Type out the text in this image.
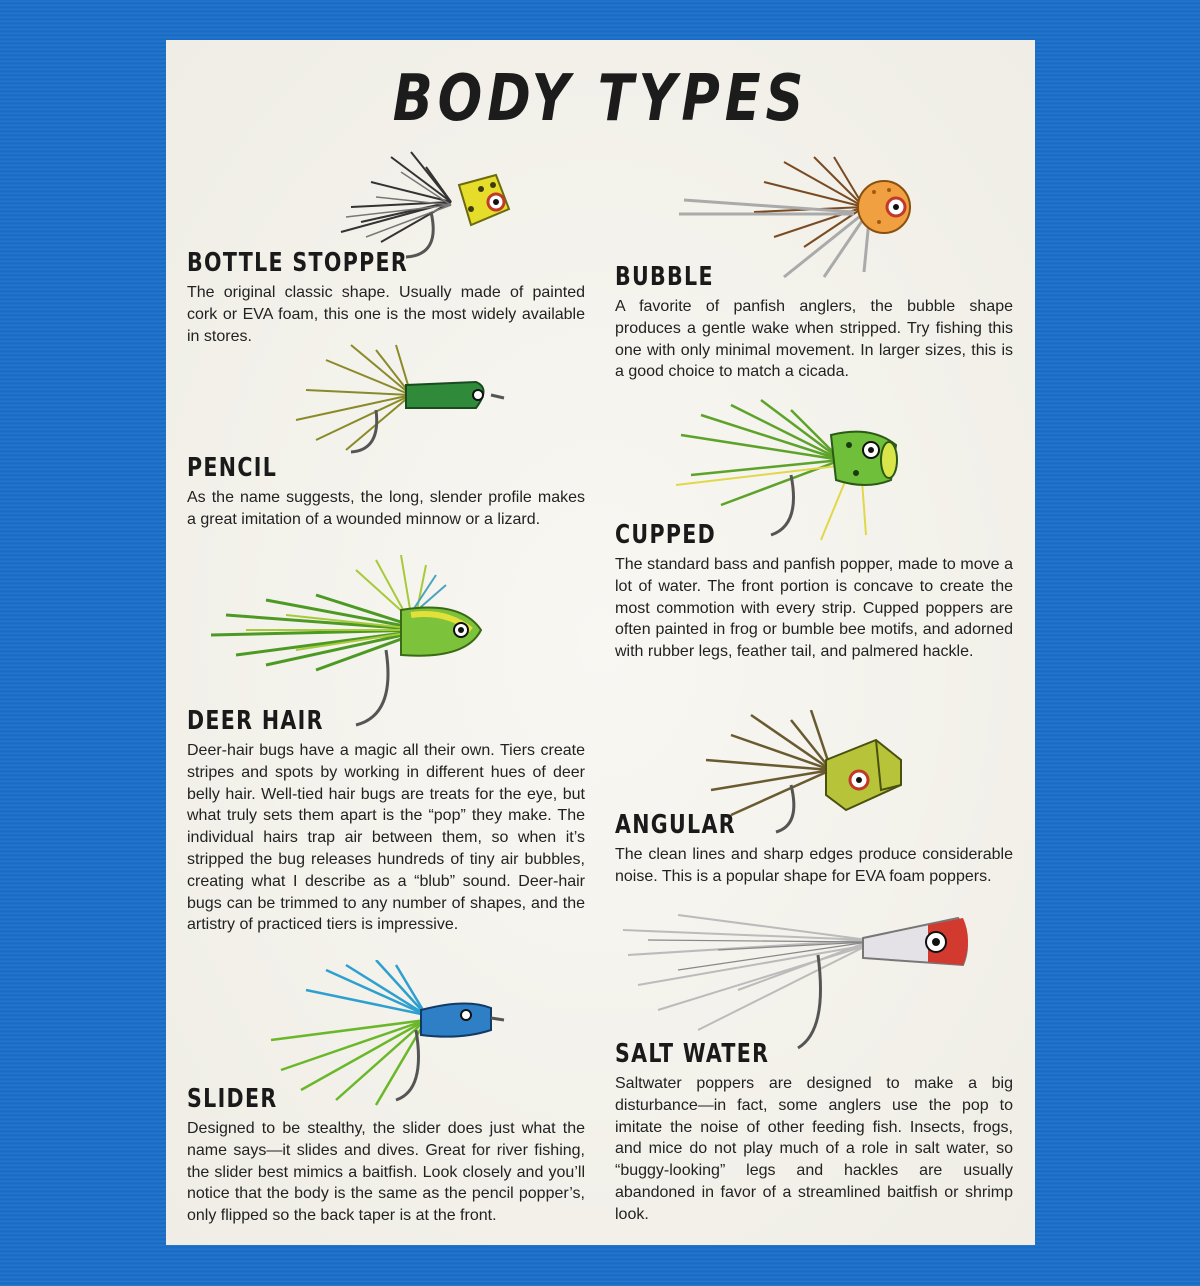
BODY TYPES
BOTTLE STOPPER

The original classic shape. Usually made of painted cork or EVA foam, this one is the most widely available in stores.

PENCIL

As the name suggests, the long, slender profile makes a great imitation of a wounded minnow or a lizard.

DEER HAIR

Deer-hair bugs have a magic all their own. Tiers create stripes and spots by working in different hues of deer belly hair. Well-tied hair bugs are treats for the eye, but what truly sets them apart is the “pop” they make. The individual hairs trap air between them, so when it’s stripped the bug releases hundreds of tiny air bubbles, creating what I describe as a “blub” sound. Deer-hair bugs can be trimmed to any number of shapes, and the artistry of practiced tiers is impressive.

SLIDER

Designed to be stealthy, the slider does just what the name says—it slides and dives. Great for river fishing, the slider best mimics a baitfish. Look closely and you’ll notice that the body is the same as the pencil popper’s, only flipped so the back taper is at the front.

BUBBLE

A favorite of panfish anglers, the bubble shape produces a gentle wake when stripped. Try fishing this one with only minimal movement. In larger sizes, this is a good choice to match a cicada.

CUPPED

The standard bass and panfish popper, made to move a lot of water. The front portion is concave to create the most commotion with every strip. Cupped poppers are often painted in frog or bumble bee motifs, and adorned with rubber legs, feather tail, and palmered hackle.

ANGULAR

The clean lines and sharp edges produce considerable noise. This is a popular shape for EVA foam poppers.

SALT WATER

Saltwater poppers are designed to make a big disturbance—in fact, some anglers use the pop to imitate the noise of other feeding fish. Insects, frogs, and mice do not play much of a role in salt water, so “buggy-looking” legs and hackles are usually abandoned in favor of a streamlined baitfish or shrimp look.
